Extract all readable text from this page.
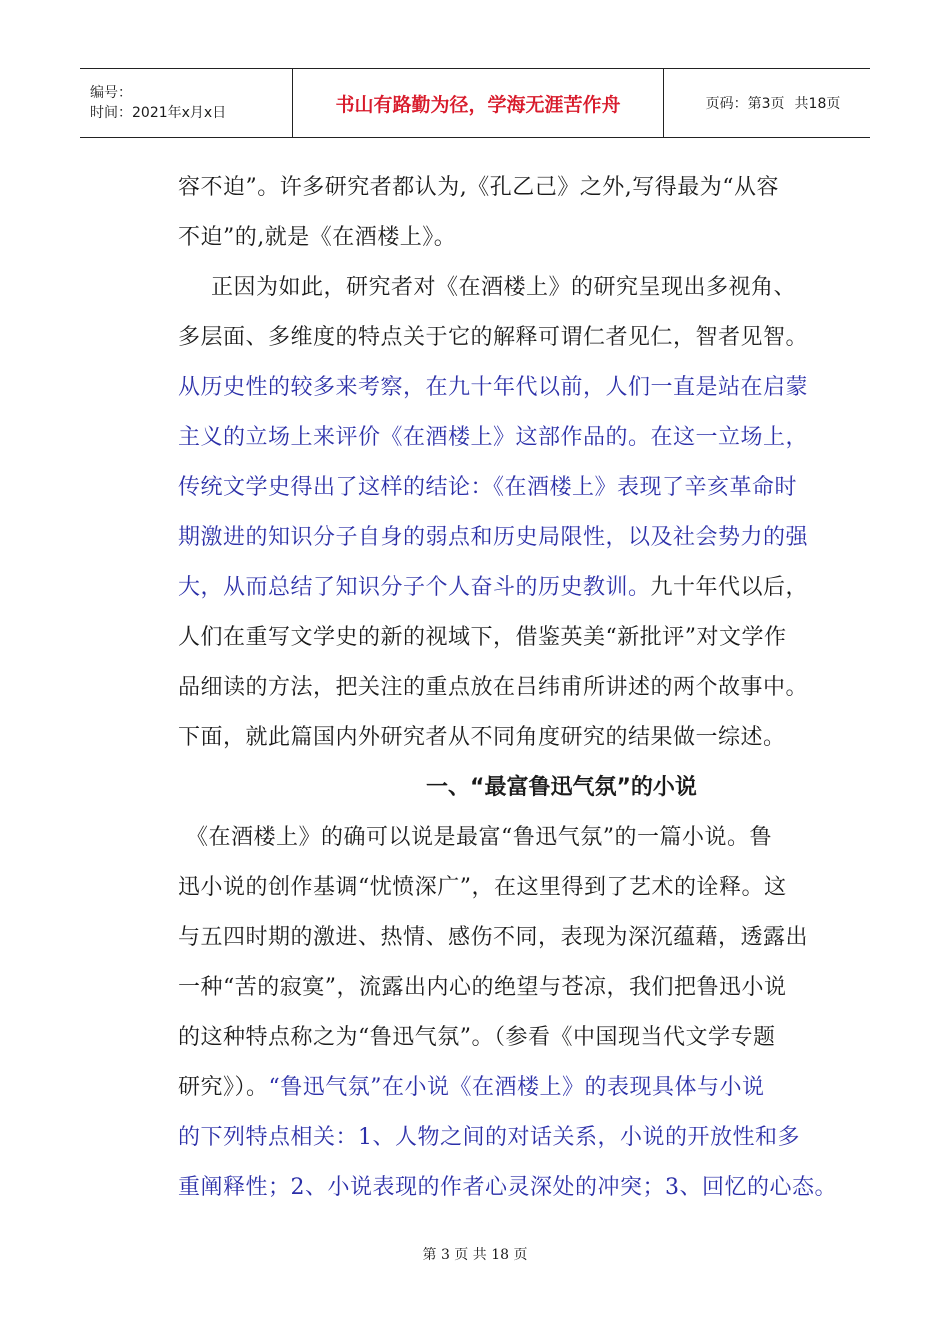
编号：
时间：2021年x月x日	书山有路勤为径，学海无涯苦作舟	页码：第3页 共18页

容不迫”。许多研究者都认为,《孔乙己》之外,写得最为“从容

不迫”的,就是《在酒楼上》。

正因为如此，研究者对《在酒楼上》的研究呈现出多视角、

多层面、多维度的特点关于它的解释可谓仁者见仁，智者见智。

从历史性的较多来考察，在九十年代以前，人们一直是站在启蒙

主义的立场上来评价《在酒楼上》这部作品的。在这一立场上，

传统文学史得出了这样的结论：《在酒楼上》表现了辛亥革命时

期激进的知识分子自身的弱点和历史局限性，以及社会势力的强

大，从而总结了知识分子个人奋斗的历史教训。九十年代以后，

人们在重写文学史的新的视域下，借鉴英美“新批评”对文学作

品细读的方法，把关注的重点放在吕纬甫所讲述的两个故事中。

下面，就此篇国内外研究者从不同角度研究的结果做一综述。

一、“最富鲁迅气氛”的小说

《在酒楼上》的确可以说是最富“鲁迅气氛”的一篇小说。鲁

迅小说的创作基调“忧愤深广”，在这里得到了艺术的诠释。这

与五四时期的激进、热情、感伤不同，表现为深沉蕴藉，透露出

一种“苦的寂寞”，流露出内心的绝望与苍凉，我们把鲁迅小说

的这种特点称之为“鲁迅气氛”。（参看《中国现当代文学专题

研究》）。“鲁迅气氛”在小说《在酒楼上》的表现具体与小说

的下列特点相关：1、人物之间的对话关系，小说的开放性和多

重阐释性；2、小说表现的作者心灵深处的冲突；3、回忆的心态。

第 3 页 共 18 页
